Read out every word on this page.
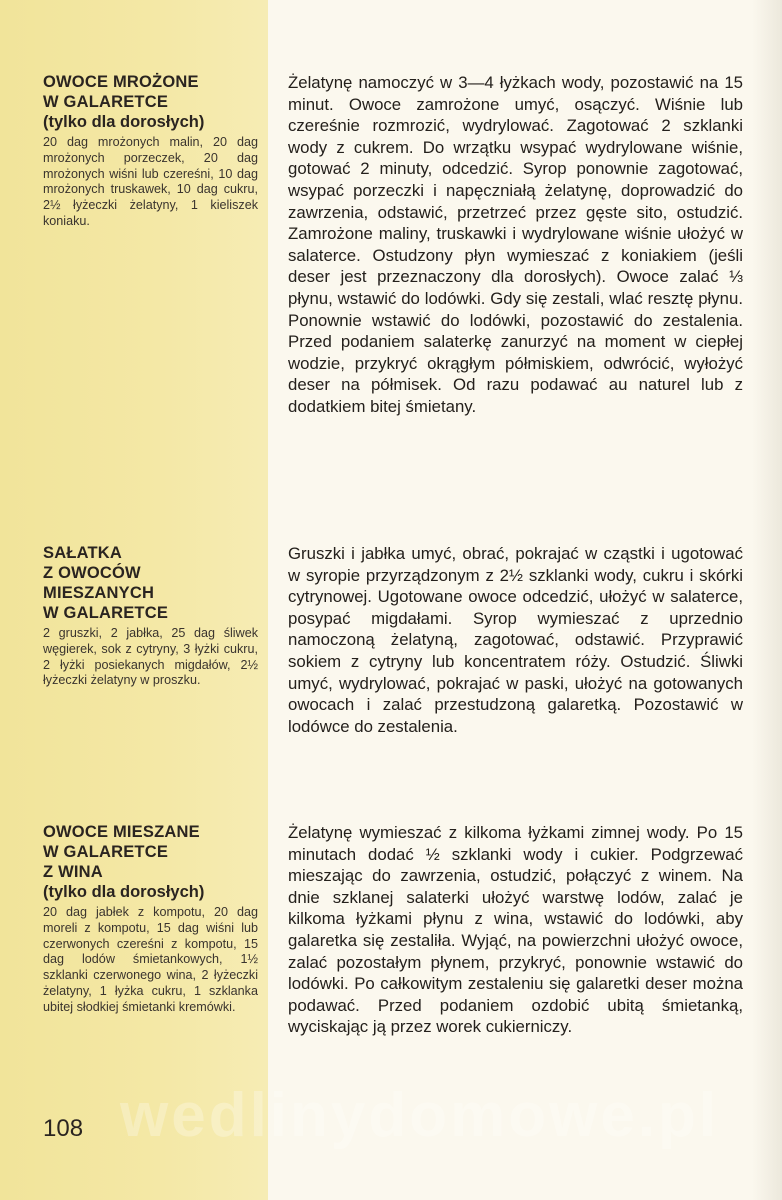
OWOCE MROŻONE
W GALARETCE

(tylko dla dorosłych)

20 dag mrożonych malin, 20 dag mrożonych porzeczek, 20 dag mrożonych wiśni lub czereśni, 10 dag mrożonych truskawek, 10 dag cukru, 2½ łyżeczki żelatyny, 1 kieliszek koniaku.

Żelatynę namoczyć w 3—4 łyżkach wody, pozostawić na 15 minut. Owoce zamrożone umyć, osączyć. Wiśnie lub czereśnie rozmrozić, wydrylować. Zagotować 2 szklanki wody z cukrem. Do wrzątku wsypać wydrylowane wiśnie, gotować 2 minuty, odcedzić. Syrop ponownie zagotować, wsypać porzeczki i napęczniałą żelatynę, doprowadzić do zawrzenia, odstawić, przetrzeć przez gęste sito, ostudzić. Zamrożone maliny, truskawki i wydrylowane wiśnie ułożyć w salaterce. Ostudzony płyn wymieszać z koniakiem (jeśli deser jest przeznaczony dla dorosłych). Owoce zalać ⅓ płynu, wstawić do lodówki. Gdy się zestali, wlać resztę płynu. Ponownie wstawić do lodówki, pozostawić do zestalenia. Przed podaniem salaterkę zanurzyć na moment w ciepłej wodzie, przykryć okrągłym półmiskiem, odwrócić, wyłożyć deser na półmisek. Od razu podawać au naturel lub z dodatkiem bitej śmietany.

SAŁATKA
Z OWOCÓW
MIESZANYCH
W GALARETCE

2 gruszki, 2 jabłka, 25 dag śliwek węgierek, sok z cytryny, 3 łyżki cukru, 2 łyżki posiekanych migdałów, 2½ łyżeczki żelatyny w proszku.

Gruszki i jabłka umyć, obrać, pokrajać w cząstki i ugotować w syropie przyrządzonym z 2½ szklanki wody, cukru i skórki cytrynowej. Ugotowane owoce odcedzić, ułożyć w salaterce, posypać migdałami. Syrop wymieszać z uprzednio namoczoną żelatyną, zagotować, odstawić. Przyprawić sokiem z cytryny lub koncentratem róży. Ostudzić. Śliwki umyć, wydrylować, pokrajać w paski, ułożyć na gotowanych owocach i zalać przestudzoną galaretką. Pozostawić w lodówce do zestalenia.

OWOCE MIESZANE
W GALARETCE
Z WINA

(tylko dla dorosłych)

20 dag jabłek z kompotu, 20 dag moreli z kompotu, 15 dag wiśni lub czerwonych czereśni z kompotu, 15 dag lodów śmietankowych, 1½ szklanki czerwonego wina, 2 łyżeczki żelatyny, 1 łyżka cukru, 1 szklanka ubitej słodkiej śmietanki kremówki.

Żelatynę wymieszać z kilkoma łyżkami zimnej wody. Po 15 minutach dodać ½ szklanki wody i cukier. Podgrzewać mieszając do zawrzenia, ostudzić, połączyć z winem. Na dnie szklanej salaterki ułożyć warstwę lodów, zalać je kilkoma łyżkami płynu z wina, wstawić do lodówki, aby galaretka się zestaliła. Wyjąć, na powierzchni ułożyć owoce, zalać pozostałym płynem, przykryć, ponownie wstawić do lodówki. Po całkowitym zestaleniu się galaretki deser można podawać. Przed podaniem ozdobić ubitą śmietanką, wyciskając ją przez worek cukierniczy.

wedlinydomowe.pl
108
